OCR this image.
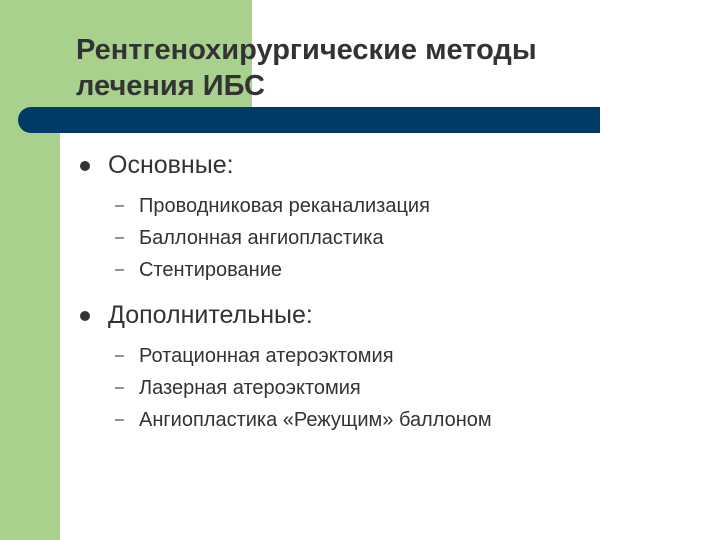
Рентгенохирургические методы
лечения ИБС
Основные:
– Проводниковая реканализация
– Баллонная ангиопластика
– Стентирование
Дополнительные:
– Ротационная атероэктомия
– Лазерная атероэктомия
– Ангиопластика «Режущим» баллоном
